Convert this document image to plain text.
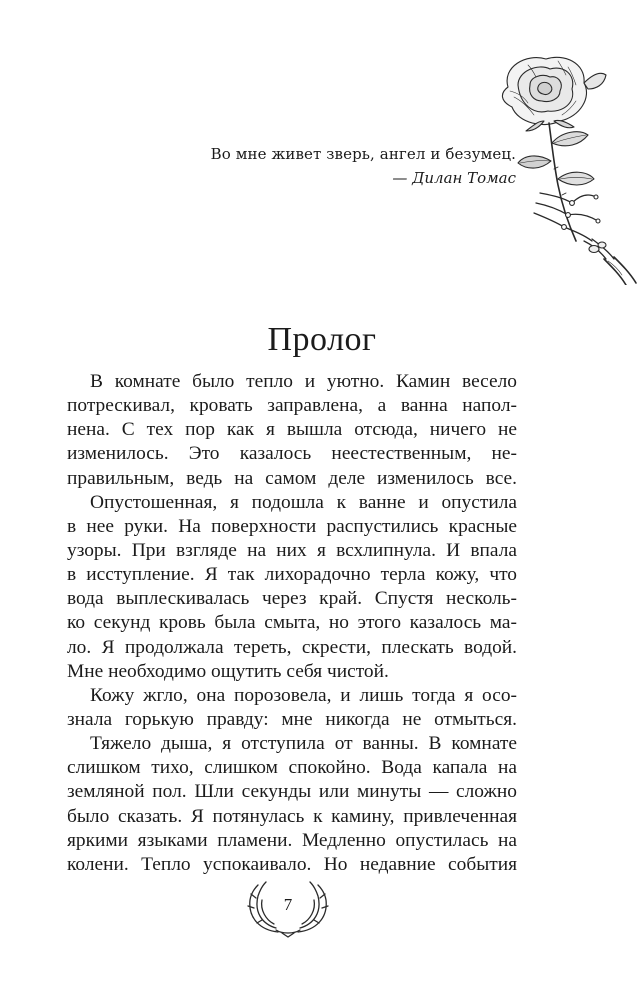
Во мне живет зверь, ангел и безумец.
— Дилан Томас
Пролог

В комнате было тепло и уютно. Камин весело
потрескивал, кровать заправлена, а ванна напол-
нена. С тех пор как я вышла отсюда, ничего не
изменилось. Это казалось неестественным, не-
правильным, ведь на самом деле изменилось все.

Опустошенная, я подошла к ванне и опустила
в нее руки. На поверхности распустились красные
узоры. При взгляде на них я всхлипнула. И впала
в исступление. Я так лихорадочно терла кожу, что
вода выплескивалась через край. Спустя несколь-
ко секунд кровь была смыта, но этого казалось ма-
ло. Я продолжала тереть, скрести, плескать водой.
Мне необходимо ощутить себя чистой.

Кожу жгло, она порозовела, и лишь тогда я осо-
знала горькую правду: мне никогда не отмыться.

Тяжело дыша, я отступила от ванны. В комнате
слишком тихо, слишком спокойно. Вода капала на
земляной пол. Шли секунды или минуты — сложно
было сказать. Я потянулась к камину, привлеченная
яркими языками пламени. Медленно опустилась на
колени. Тепло успокаивало. Но недавние события

7
